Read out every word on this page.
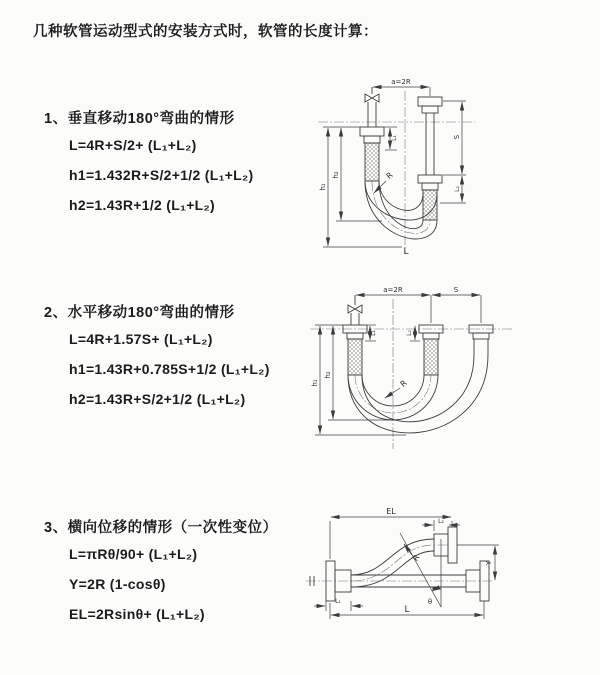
几种软管运动型式的安装方式时，软管的长度计算：
1、垂直移动180°弯曲的情形
L=4R+S/2+ (L₁+L₂)
h1=1.432R+S/2+1/2 (L₁+L₂)
h2=1.43R+1/2 (L₁+L₂)
2、水平移动180°弯曲的情形
L=4R+1.57S+ (L₁+L₂)
h1=1.43R+0.785S+1/2 (L₁+L₂)
h2=1.43R+S/2+1/2 (L₁+L₂)
3、横向位移的情形（一次性变位）
L=πRθ/90+ (L₁+L₂)
Y=2R (1-cosθ)
EL=2Rsinθ+ (L₁+L₂)
a=2R
S
L₂
h₁
h₂
L₁
R
L
a=2R	S
h₁
h₂
L₁	L₂
R
EL
L₂
Y
L
L₁
R
θ
